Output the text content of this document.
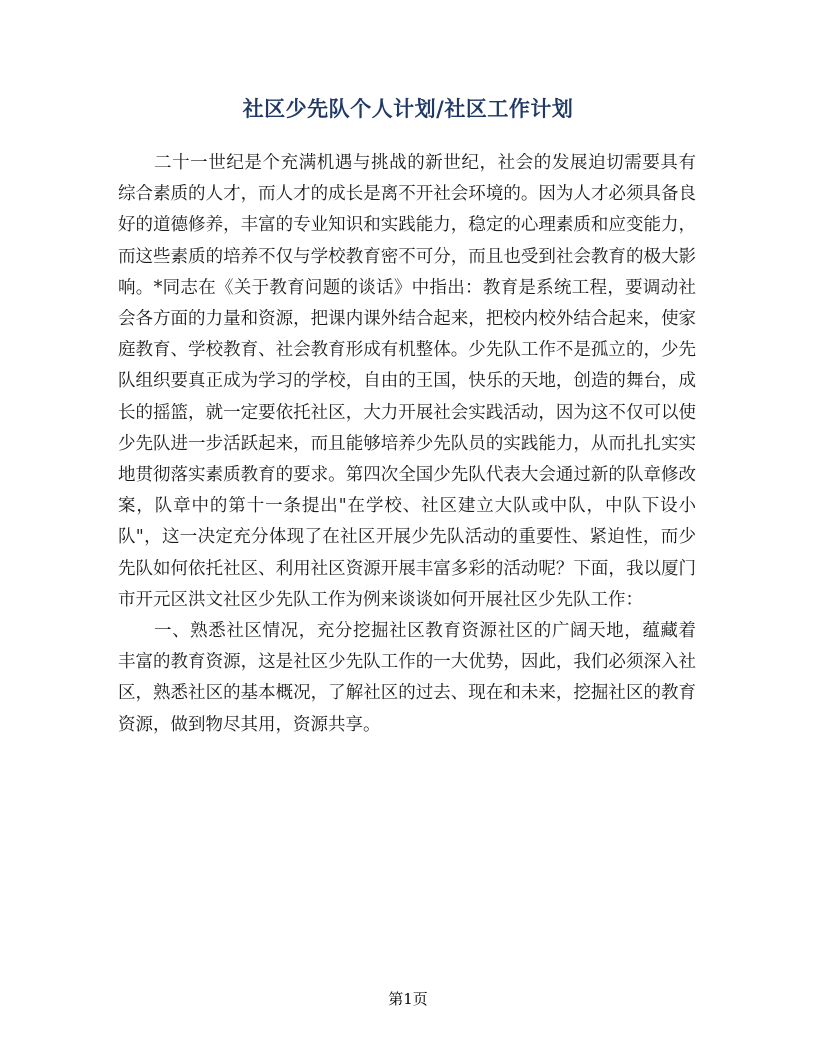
社区少先队个人计划/社区工作计划

二十一世纪是个充满机遇与挑战的新世纪，社会的发展迫切需要具有综合素质的人才，而人才的成长是离不开社会环境的。因为人才必须具备良好的道德修养，丰富的专业知识和实践能力，稳定的心理素质和应变能力，而这些素质的培养不仅与学校教育密不可分，而且也受到社会教育的极大影响。*同志在《关于教育问题的谈话》中指出：教育是系统工程，要调动社会各方面的力量和资源，把课内课外结合起来，把校内校外结合起来，使家庭教育、学校教育、社会教育形成有机整体。少先队工作不是孤立的，少先队组织要真正成为学习的学校，自由的王国，快乐的天地，创造的舞台，成长的摇篮，就一定要依托社区，大力开展社会实践活动，因为这不仅可以使少先队进一步活跃起来，而且能够培养少先队员的实践能力，从而扎扎实实地贯彻落实素质教育的要求。第四次全国少先队代表大会通过新的队章修改案，队章中的第十一条提出"在学校、社区建立大队或中队，中队下设小队"，这一决定充分体现了在社区开展少先队活动的重要性、紧迫性，而少先队如何依托社区、利用社区资源开展丰富多彩的活动呢？下面，我以厦门市开元区洪文社区少先队工作为例来谈谈如何开展社区少先队工作：

一、熟悉社区情况，充分挖掘社区教育资源社区的广阔天地，蕴藏着丰富的教育资源，这是社区少先队工作的一大优势，因此，我们必须深入社区，熟悉社区的基本概况，了解社区的过去、现在和未来，挖掘社区的教育资源，做到物尽其用，资源共享。

第1页
